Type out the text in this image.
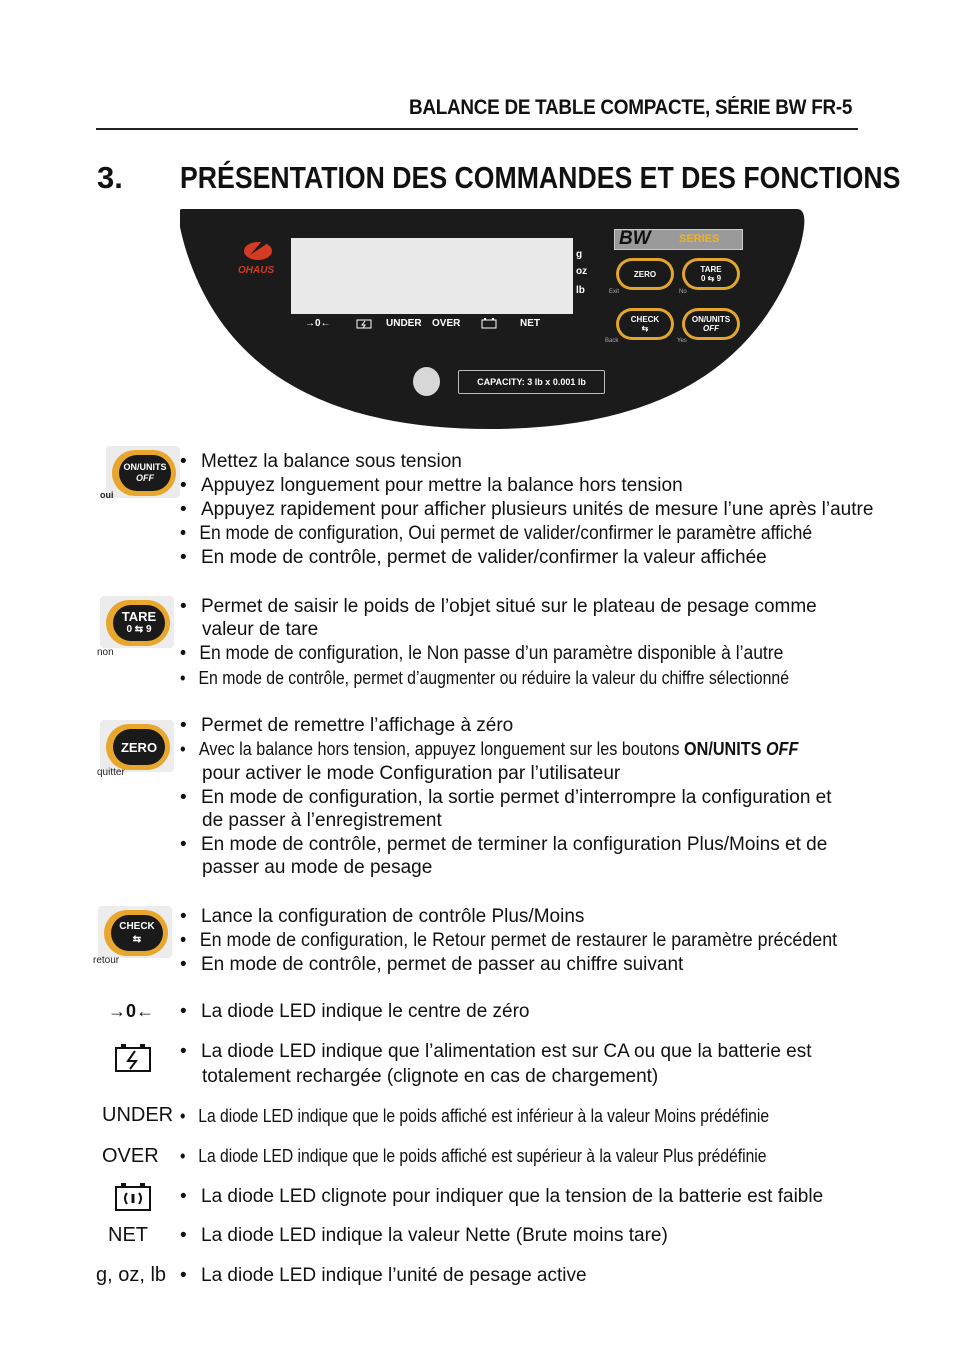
BALANCE DE TABLE COMPACTE, SÉRIE BW FR-5
3. PRÉSENTATION DES COMMANDES ET DES FONCTIONS
OHAUS
g
oz
lb
→0←	UNDER OVER	NET
BW	SERIES
ZERO
Exit
TARE
0 ⇆ 9
No
CHECK
⇆
Back
ON/UNITS
OFF
Yes
CAPACITY: 3 lb x 0.001 lb
ON/UNITS
OFF
oui
• Mettez la balance sous tension
• Appuyez longuement pour mettre la balance hors tension
• Appuyez rapidement pour afficher plusieurs unités de mesure l’une après l’autre
• En mode de configuration, Oui permet de valider/confirmer le paramètre affiché
• En mode de contrôle, permet de valider/confirmer la valeur affichée
TARE
0 ⇆ 9
non
• Permet de saisir le poids de l’objet situé sur le plateau de pesage comme
valeur de tare
• En mode de configuration, le Non passe d’un paramètre disponible à l’autre
• En mode de contrôle, permet d’augmenter ou réduire la valeur du chiffre sélectionné
ZERO
quitter
• Permet de remettre l’affichage à zéro
• Avec la balance hors tension, appuyez longuement sur les boutons ON/UNITS OFF
pour activer le mode Configuration par l’utilisateur
• En mode de configuration, la sortie permet d’interrompre la configuration et
de passer à l’enregistrement
• En mode de contrôle, permet de terminer la configuration Plus/Moins et de
passer au mode de pesage
CHECK
⇆
retour
• Lance la configuration de contrôle Plus/Moins
• En mode de configuration, le Retour permet de restaurer le paramètre précédent
• En mode de contrôle, permet de passer au chiffre suivant
→0← • La diode LED indique le centre de zéro
• La diode LED indique que l’alimentation est sur CA ou que la batterie est
totalement rechargée (clignote en cas de chargement)
UNDER • La diode LED indique que le poids affiché est inférieur à la valeur Moins prédéfinie
OVER • La diode LED indique que le poids affiché est supérieur à la valeur Plus prédéfinie
• La diode LED clignote pour indiquer que la tension de la batterie est faible
NET • La diode LED indique la valeur Nette (Brute moins tare)
g, oz, lb • La diode LED indique l’unité de pesage active
